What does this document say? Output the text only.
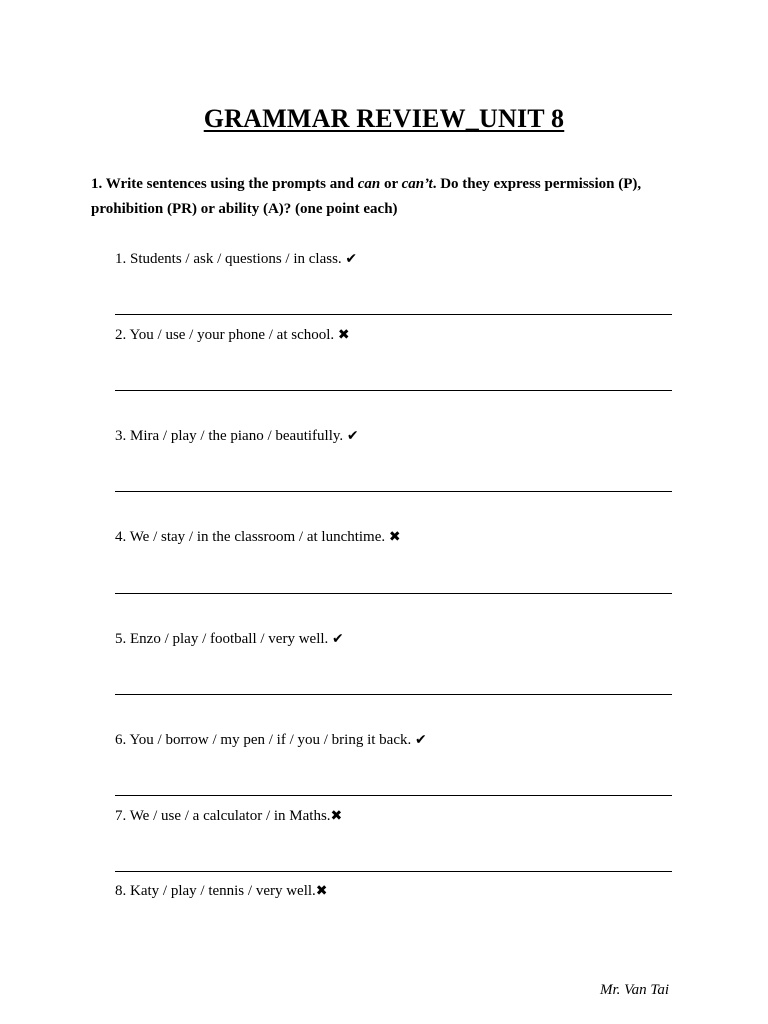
GRAMMAR REVIEW_UNIT 8
1. Write sentences using the prompts and can or can’t. Do they express permission (P), prohibition (PR) or ability (A)? (one point each)
1. Students / ask / questions / in class. ✔
2. You / use / your phone / at school. ✖
3. Mira / play / the piano / beautifully. ✔
4. We / stay / in the classroom / at lunchtime. ✖
5. Enzo / play / football / very well. ✔
6. You / borrow / my pen / if / you / bring it back. ✔
7. We / use / a calculator / in Maths.✖
8. Katy / play / tennis / very well.✖
Mr. Van Tai
